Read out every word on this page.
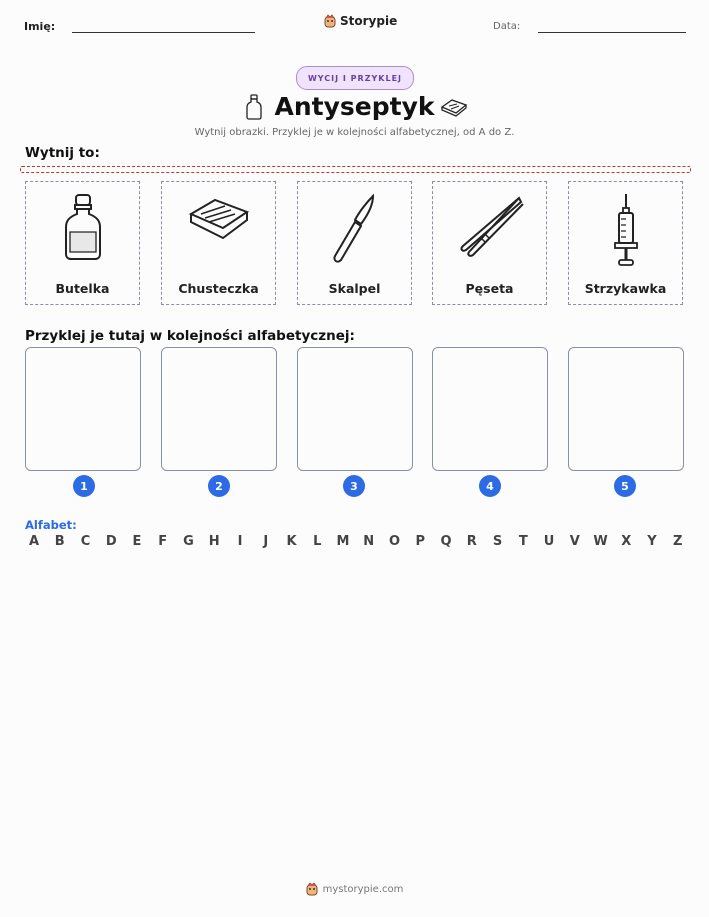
Imię:	Storypie	Data:
WYCIJ I PRZYKLEJ
Antyseptyk
Wytnij obrazki. Przyklej je w kolejności alfabetycznej, od A do Z.
Wytnij to:
Butelka	Chusteczka	Skalpel	Pęseta	Strzykawka
Przyklej je tutaj w kolejności alfabetycznej:
1	2	3	4	5
Alfabet:
A	B	C	D	E	F	G	H	I	J	K	L	M	N	O	P	Q	R	S	T	U	V	W	X	Y	Z
mystorypie.com
